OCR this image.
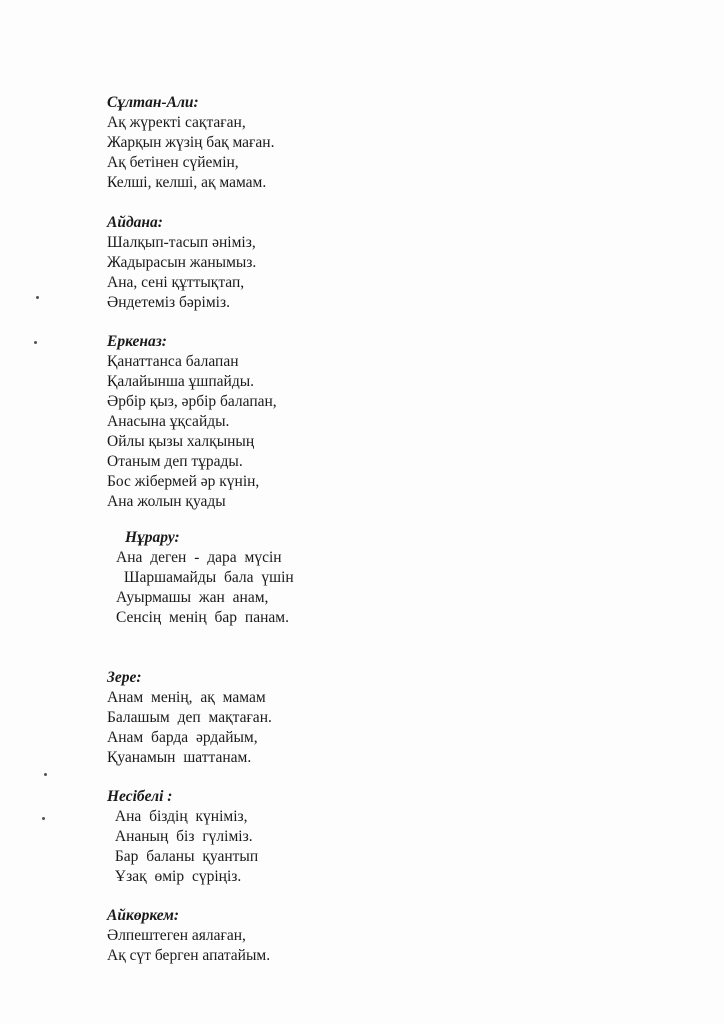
Сұлтан-Али:

Ақ жүректі сақтаған,

Жарқын жүзің бақ маған.

Ақ бетінен сүйемін,

Келші, келші, ақ мамам.

Айдана:

Шалқып-тасып әніміз,

Жадырасын жанымыз.

Ана, сені құттықтап,

Әндетеміз бәріміз.

Еркеназ:

Қанаттанса балапан

Қалайынша ұшпайды.

Әрбір қыз, әрбір балапан,

Анасына ұқсайды.

Ойлы қызы халқының

Отаным деп тұрады.

Бос жібермей әр күнін,

Ана жолын қуады

Нұрару:

Ана деген - дара мүсін

Шаршамайды бала үшін

Ауырмашы жан анам,

Сенсің менің бар панам.

Зере:

Анам менің, ақ мамам

Балашым деп мақтаған.

Анам барда әрдайым,

Қуанамын шаттанам.

Несібелі :

Ана біздің күніміз,

Ананың біз гүліміз.

Бар баланы қуантып

Ұзақ өмір сүріңіз.

Айкөркем:

Әлпештеген аялаған,

Ақ сүт берген апатайым.
